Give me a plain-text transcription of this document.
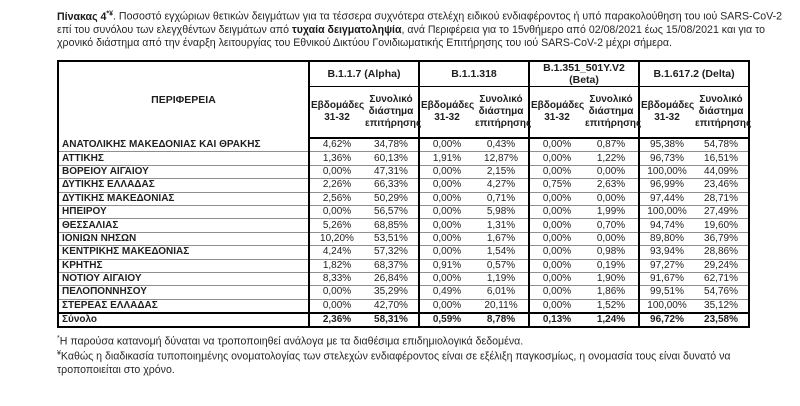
Πίνακας 4*¥. Ποσοστό εγχώριων θετικών δειγμάτων για τα τέσσερα συχνότερα στελέχη ειδικού ενδιαφέροντος ή υπό παρακολούθηση του ιού SARS-CoV-2 επί του συνόλου των ελεγχθέντων δειγμάτων από τυχαία δειγματοληψία, ανά Περιφέρεια για το 15νθήμερο από 02/08/2021 έως 15/08/2021 και για το χρονικό διάστημα από την έναρξη λειτουργίας του Εθνικού Δικτύου Γονιδιωματικής Επιτήρησης του ιού SARS-CoV-2 μέχρι σήμερα.

ΠΕΡΙΦΕΡΕΙΑ	B.1.1.7 (Alpha)		B.1.1.318		B.1.351_501Y.V2 (Beta)		B.1.617.2 (Delta)	
	Εβδομάδες 31-32	Συνολικό διάστημα επιτήρησης	Εβδομάδες 31-32	Συνολικό διάστημα επιτήρησης	Εβδομάδες 31-32	Συνολικό διάστημα επιτήρησης	Εβδομάδες 31-32	Συνολικό διάστημα επιτήρησης
ΑΝΑΤΟΛΙΚΗΣ ΜΑΚΕΔΟΝΙΑΣ ΚΑΙ ΘΡΑΚΗΣ	4,62%	34,78%	0,00%	0,43%	0,00%	0,87%	95,38%	54,78%
ΑΤΤΙΚΗΣ	1,36%	60,13%	1,91%	12,87%	0,00%	1,22%	96,73%	16,51%
ΒΟΡΕΙΟΥ ΑΙΓΑΙΟΥ	0,00%	47,31%	0,00%	2,15%	0,00%	0,00%	100,00%	44,09%
ΔΥΤΙΚΗΣ ΕΛΛΑΔΑΣ	2,26%	66,33%	0,00%	4,27%	0,75%	2,63%	96,99%	23,46%
ΔΥΤΙΚΗΣ ΜΑΚΕΔΟΝΙΑΣ	2,56%	50,29%	0,00%	0,71%	0,00%	0,00%	97,44%	28,71%
ΗΠΕΙΡΟΥ	0,00%	56,57%	0,00%	5,98%	0,00%	1,99%	100,00%	27,49%
ΘΕΣΣΑΛΙΑΣ	5,26%	68,85%	0,00%	1,31%	0,00%	0,70%	94,74%	19,60%
ΙΟΝΙΩΝ ΝΗΣΩΝ	10,20%	53,51%	0,00%	1,67%	0,00%	0,00%	89,80%	36,79%
ΚΕΝΤΡΙΚΗΣ ΜΑΚΕΔΟΝΙΑΣ	4,24%	57,32%	0,00%	1,54%	0,00%	0,98%	93,94%	28,86%
ΚΡΗΤΗΣ	1,82%	68,37%	0,91%	0,57%	0,00%	0,19%	97,27%	29,24%
ΝΟΤΙΟΥ ΑΙΓΑΙΟΥ	8,33%	26,84%	0,00%	1,19%	0,00%	1,90%	91,67%	62,71%
ΠΕΛΟΠΟΝΝΗΣΟΥ	0,00%	35,29%	0,49%	6,01%	0,00%	1,86%	99,51%	54,76%
ΣΤΕΡΕΑΣ ΕΛΛΑΔΑΣ	0,00%	42,70%	0,00%	20,11%	0,00%	1,52%	100,00%	35,12%
Σύνολο	2,36%	58,31%	0,59%	8,78%	0,13%	1,24%	96,72%	23,58%

*Η παρούσα κατανομή δύναται να τροποποιηθεί ανάλογα με τα διαθέσιμα επιδημιολογικά δεδομένα.

¥Καθώς η διαδικασία τυποποιημένης ονοματολογίας των στελεχών ενδιαφέροντος είναι σε εξέλιξη παγκοσμίως, η ονομασία τους είναι δυνατό να τροποποιείται στο χρόνο.
